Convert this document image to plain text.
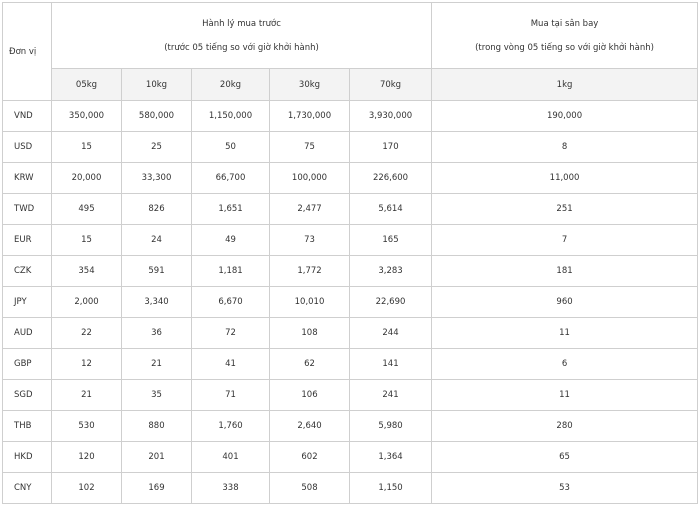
Đơn vị	Hành lý mua trước
(trước 05 tiếng so với giờ khởi hành)					Mua tại sân bay
(trong vòng 05 tiếng so với giờ khởi hành)

	05kg	10kg	20kg	30kg	70kg	1kg
VND	350,000	580,000	1,150,000	1,730,000	3,930,000	190,000
USD	15	25	50	75	170	8
KRW	20,000	33,300	66,700	100,000	226,600	11,000
TWD	495	826	1,651	2,477	5,614	251
EUR	15	24	49	73	165	7
CZK	354	591	1,181	1,772	3,283	181
JPY	2,000	3,340	6,670	10,010	22,690	960
AUD	22	36	72	108	244	11
GBP	12	21	41	62	141	6
SGD	21	35	71	106	241	11
THB	530	880	1,760	2,640	5,980	280
HKD	120	201	401	602	1,364	65
CNY	102	169	338	508	1,150	53
